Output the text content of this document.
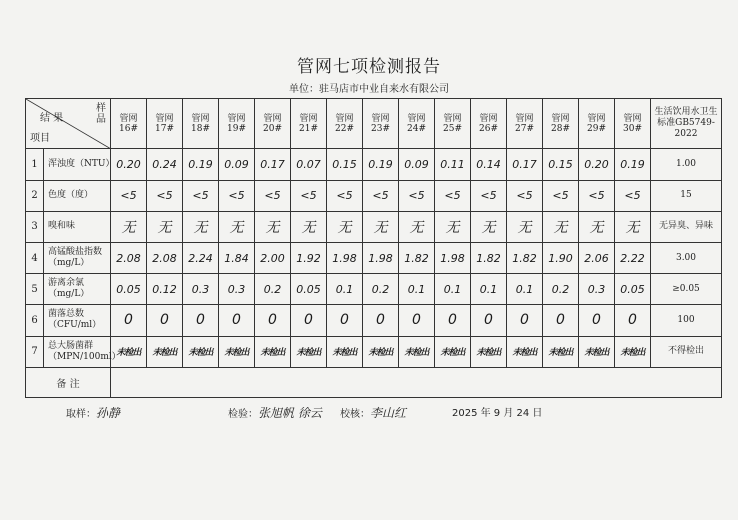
管网七项检测报告
单位：驻马店市中业自来水有限公司
样品
结 果
项目		管网16#	管网17#	管网18#	管网19#	管网20#	管网21#	管网22#	管网23#	管网24#	管网25#	管网26#	管网27#	管网28#	管网29#	管网30#	生活饮用水卫生标准GB5749-2022
1	浑浊度（NTU）	0.20	0.24	0.19	0.09	0.17	0.07	0.15	0.19	0.09	0.11	0.14	0.17	0.15	0.20	0.19	1.00
2	色度（度）	<5	<5	<5	<5	<5	<5	<5	<5	<5	<5	<5	<5	<5	<5	<5	15
3	嗅和味	无	无	无	无	无	无	无	无	无	无	无	无	无	无	无	无异臭、异味
4	高锰酸盐指数（mg/L）	2.08	2.08	2.24	1.84	2.00	1.92	1.98	1.98	1.82	1.98	1.82	1.82	1.90	2.06	2.22	3.00
5	游离余氯（mg/L）	0.05	0.12	0.3	0.3	0.2	0.05	0.1	0.2	0.1	0.1	0.1	0.1	0.2	0.3	0.05	≥0.05
6	菌落总数（CFU/ml）	0	0	0	0	0	0	0	0	0	0	0	0	0	0	0	100
7	总大肠菌群（MPN/100ml）	未检出	未检出	未检出	未检出	未检出	未检出	未检出	未检出	未检出	未检出	未检出	未检出	未检出	未检出	未检出	不得检出
备 注																	
取样：孙静	检验：张旭帆 徐云 校核：李山红	2025 年 9 月 24 日
